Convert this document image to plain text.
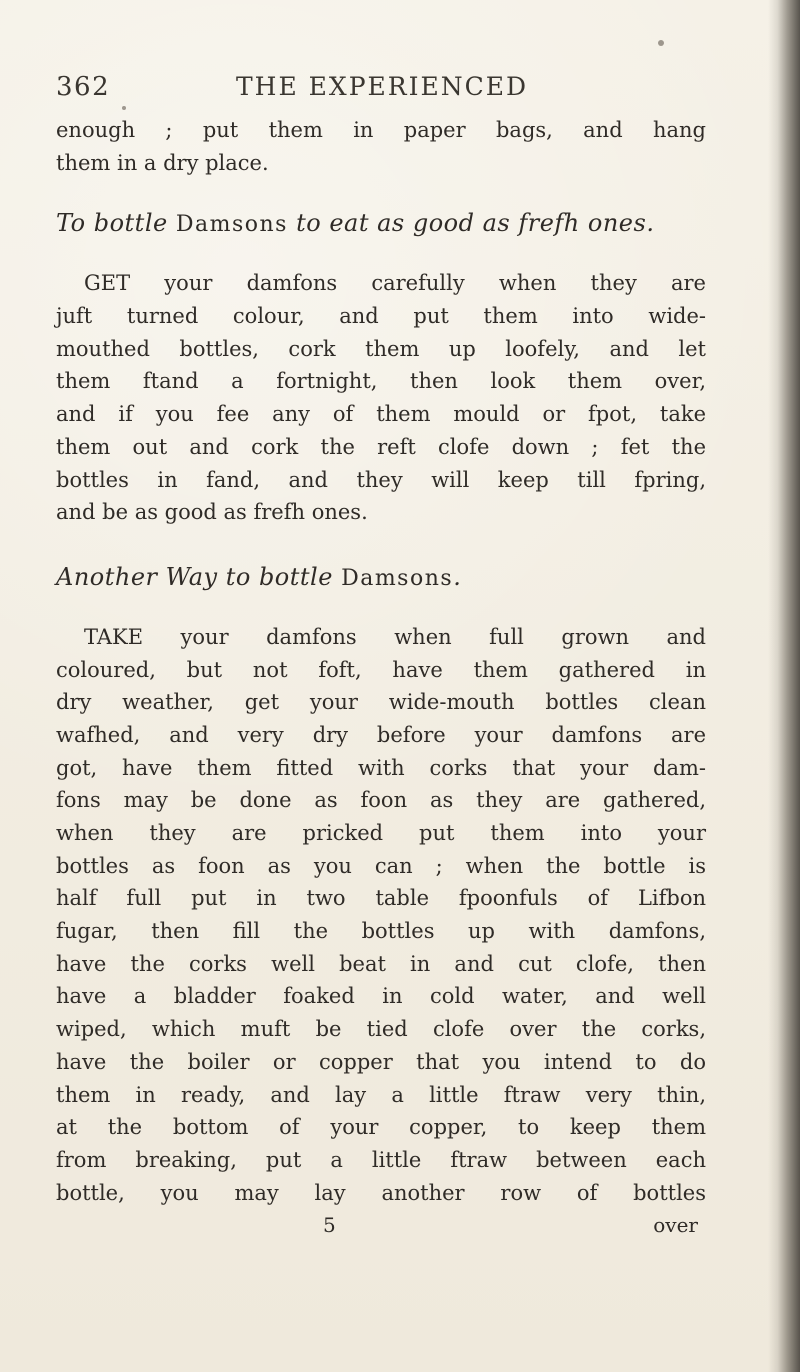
362	THE EXPERIENCED
enough ; put them in paper bags, and hang
them in a dry place.
To bottle Damsons to eat as good as frefh ones.
GET your damfons carefully when they are
juft turned colour, and put them into wide-
mouthed bottles, cork them up loofely, and let
them ftand a fortnight, then look them over,
and if you fee any of them mould or fpot, take
them out and cork the reft clofe down ; fet the
bottles in fand, and they will keep till fpring,
and be as good as frefh ones.
Another Way to bottle Damsons.
TAKE your damfons when full grown and
coloured, but not foft, have them gathered in
dry weather, get your wide-mouth bottles clean
wafhed, and very dry before your damfons are
got, have them fitted with corks that your dam-
fons may be done as foon as they are gathered,
when they are pricked put them into your
bottles as foon as you can ; when the bottle is
half full put in two table fpoonfuls of Lifbon
fugar, then fill the bottles up with damfons,
have the corks well beat in and cut clofe, then
have a bladder foaked in cold water, and well
wiped, which muft be tied clofe over the corks,
have the boiler or copper that you intend to do
them in ready, and lay a little ftraw very thin,
at the bottom of your copper, to keep them
from breaking, put a little ftraw between each
bottle, you may lay another row of bottles
5	over
